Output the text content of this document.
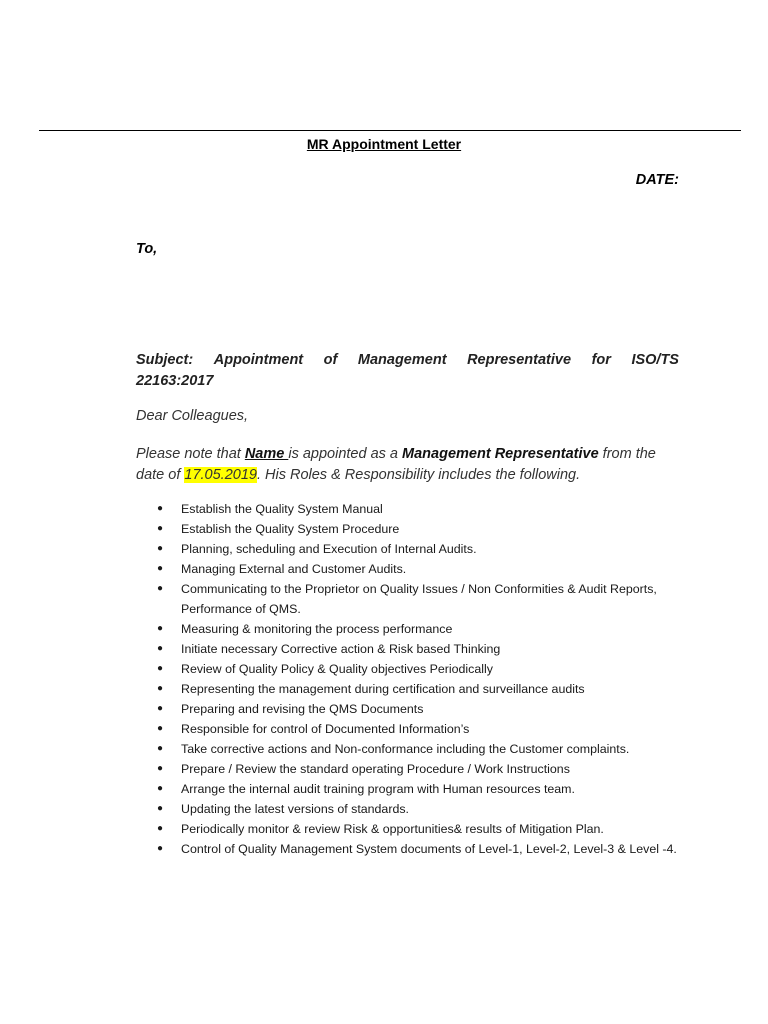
MR Appointment Letter
DATE:
To,
Subject: Appointment of Management Representative for ISO/TS
22163:2017
Dear Colleagues,
Please note that Name is appointed as a Management Representative from the date of 17.05.2019. His Roles & Responsibility includes the following.
● Establish the Quality System Manual
● Establish the Quality System Procedure
● Planning, scheduling and Execution of Internal Audits.
● Managing External and Customer Audits.
● Communicating to the Proprietor on Quality Issues / Non Conformities & Audit Reports, Performance of QMS.
● Measuring & monitoring the process performance
● Initiate necessary Corrective action & Risk based Thinking
● Review of Quality Policy & Quality objectives Periodically
● Representing the management during certification and surveillance audits
● Preparing and revising the QMS Documents
● Responsible for control of Documented Information’s
● Take corrective actions and Non-conformance including the Customer complaints.
● Prepare / Review the standard operating Procedure / Work Instructions
● Arrange the internal audit training program with Human resources team.
● Updating the latest versions of standards.
● Periodically monitor & review Risk & opportunities& results of Mitigation Plan.
● Control of Quality Management System documents of Level-1, Level-2, Level-3 & Level -4.
